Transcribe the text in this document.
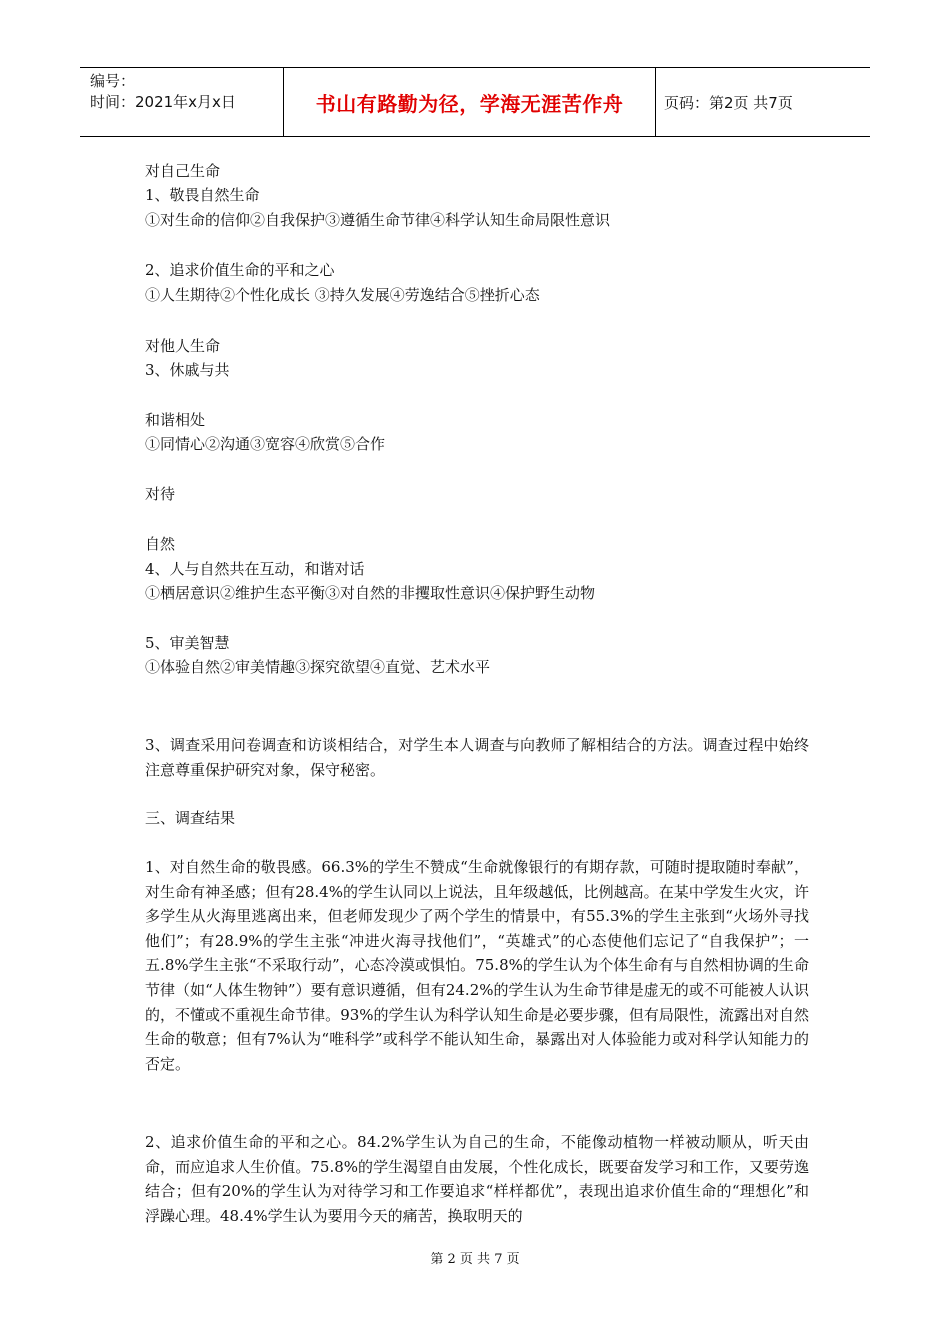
编号：
时间：2021年x月x日	书山有路勤为径，学海无涯苦作舟	页码：第2页 共7页
对自己生命
1、敬畏自然生命
①对生命的信仰②自我保护③遵循生命节律④科学认知生命局限性意识
2、追求价值生命的平和之心
①人生期待②个性化成长 ③持久发展④劳逸结合⑤挫折心态
对他人生命
3、休戚与共
和谐相处
①同情心②沟通③宽容④欣赏⑤合作
对待
自然
4、人与自然共在互动，和谐对话
①栖居意识②维护生态平衡③对自然的非攫取性意识④保护野生动物
5、审美智慧
①体验自然②审美情趣③探究欲望④直觉、艺术水平
3、调查采用问卷调查和访谈相结合，对学生本人调查与向教师了解相结合的方法。调查过程中始终注意尊重保护研究对象，保守秘密。
三、调查结果
1、对自然生命的敬畏感。66.3%的学生不赞成“生命就像银行的有期存款，可随时提取随时奉献”，对生命有神圣感；但有28.4%的学生认同以上说法，且年级越低，比例越高。在某中学发生火灾，许多学生从火海里逃离出来，但老师发现少了两个学生的情景中，有55.3%的学生主张到“火场外寻找他们”；有28.9%的学生主张“冲进火海寻找他们”，“英雄式”的心态使他们忘记了“自我保护”；一五.8%学生主张“不采取行动”，心态冷漠或惧怕。75.8%的学生认为个体生命有与自然相协调的生命节律（如“人体生物钟”）要有意识遵循，但有24.2%的学生认为生命节律是虚无的或不可能被人认识的，不懂或不重视生命节律。93%的学生认为科学认知生命是必要步骤，但有局限性，流露出对自然生命的敬意；但有7%认为“唯科学”或科学不能认知生命，暴露出对人体验能力或对科学认知能力的否定。
2、追求价值生命的平和之心。84.2%学生认为自己的生命，不能像动植物一样被动顺从，听天由命，而应追求人生价值。75.8%的学生渴望自由发展，个性化成长，既要奋发学习和工作，又要劳逸结合；但有20%的学生认为对待学习和工作要追求“样样都优”，表现出追求价值生命的“理想化”和浮躁心理。48.4%学生认为要用今天的痛苦，换取明天的
第 2 页 共 7 页
